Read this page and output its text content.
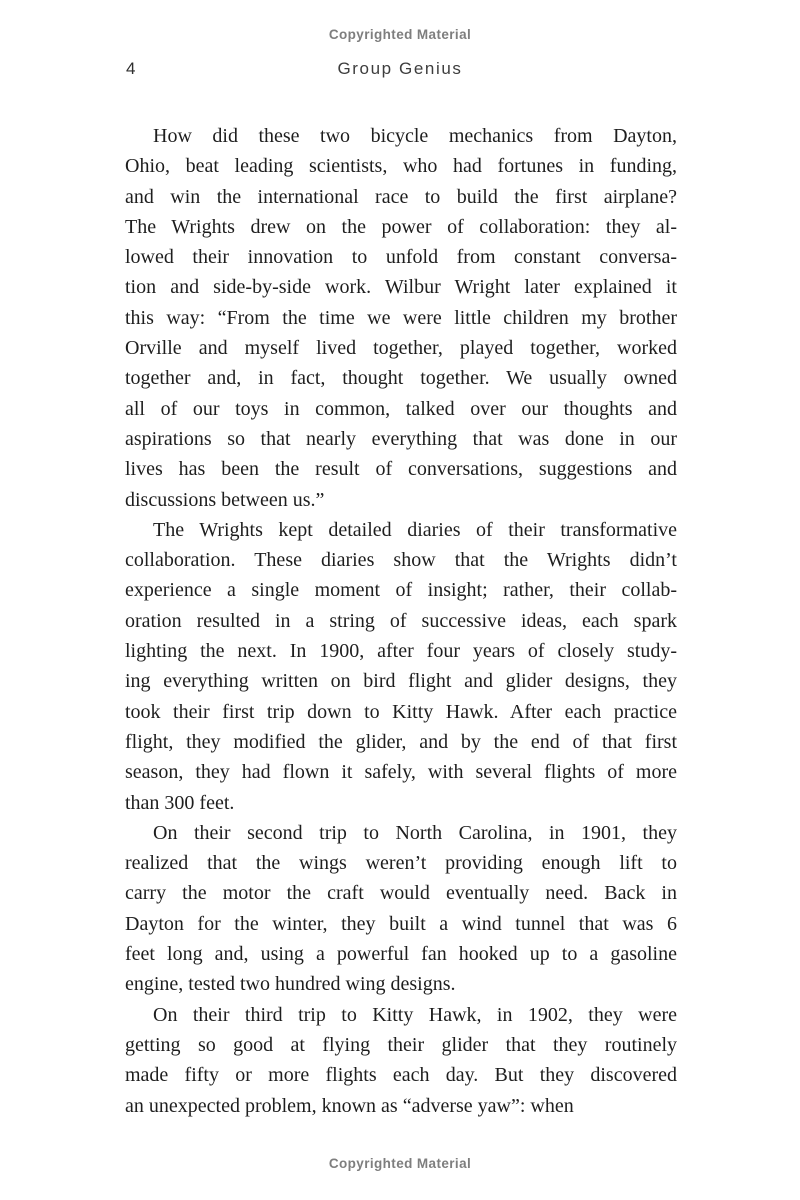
Copyrighted Material
4	Group Genius
How did these two bicycle mechanics from Dayton,
Ohio, beat leading scientists, who had fortunes in funding,
and win the international race to build the first airplane?
The Wrights drew on the power of collaboration: they al-
lowed their innovation to unfold from constant conversa-
tion and side-by-side work. Wilbur Wright later explained it
this way: “From the time we were little children my brother
Orville and myself lived together, played together, worked
together and, in fact, thought together. We usually owned
all of our toys in common, talked over our thoughts and
aspirations so that nearly everything that was done in our
lives has been the result of conversations, suggestions and
discussions between us.”
The Wrights kept detailed diaries of their transformative
collaboration. These diaries show that the Wrights didn’t
experience a single moment of insight; rather, their collab-
oration resulted in a string of successive ideas, each spark
lighting the next. In 1900, after four years of closely study-
ing everything written on bird flight and glider designs, they
took their first trip down to Kitty Hawk. After each practice
flight, they modified the glider, and by the end of that first
season, they had flown it safely, with several flights of more
than 300 feet.
On their second trip to North Carolina, in 1901, they
realized that the wings weren’t providing enough lift to
carry the motor the craft would eventually need. Back in
Dayton for the winter, they built a wind tunnel that was 6
feet long and, using a powerful fan hooked up to a gasoline
engine, tested two hundred wing designs.
On their third trip to Kitty Hawk, in 1902, they were
getting so good at flying their glider that they routinely
made fifty or more flights each day. But they discovered
an unexpected problem, known as “adverse yaw”: when
Copyrighted Material
